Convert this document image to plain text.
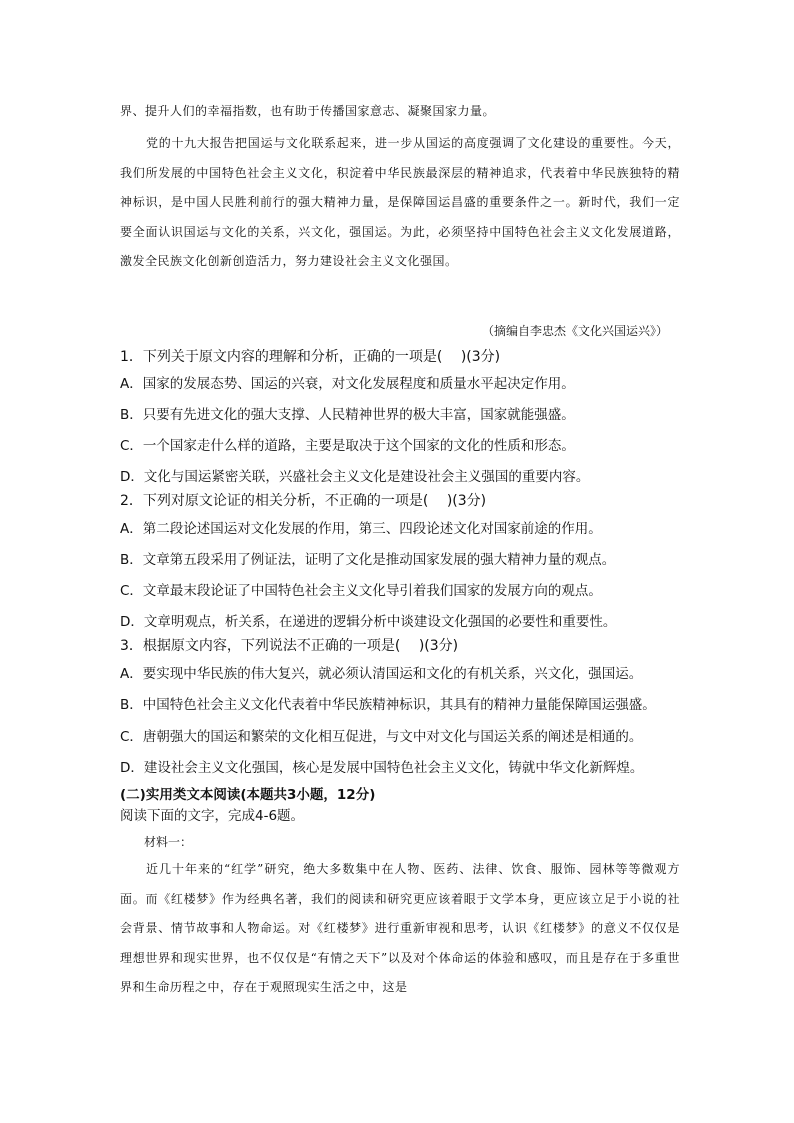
界、提升人们的幸福指数，也有助于传播国家意志、凝聚国家力量。

党的十九大报告把国运与文化联系起来，进一步从国运的高度强调了文化建设的重要性。今天，我们所发展的中国特色社会主义文化，积淀着中华民族最深层的精神追求，代表着中华民族独特的精神标识，是中国人民胜利前行的强大精神力量，是保障国运昌盛的重要条件之一。新时代，我们一定要全面认识国运与文化的关系，兴文化，强国运。为此，必须坚持中国特色社会主义文化发展道路，激发全民族文化创新创造活力，努力建设社会主义文化强国。

（摘编自李忠杰《文化兴国运兴》）
1．下列关于原文内容的理解和分析，正确的一项是(　 )(3分)
A．国家的发展态势、国运的兴衰，对文化发展程度和质量水平起决定作用。
B．只要有先进文化的强大支撑、人民精神世界的极大丰富，国家就能强盛。
C．一个国家走什么样的道路，主要是取决于这个国家的文化的性质和形态。
D．文化与国运紧密关联，兴盛社会主义文化是建设社会主义强国的重要内容。
2．下列对原文论证的相关分析，不正确的一项是(　 )(3分)
A．第二段论述国运对文化发展的作用，第三、四段论述文化对国家前途的作用。
B．文章第五段采用了例证法，证明了文化是推动国家发展的强大精神力量的观点。
C．文章最末段论证了中国特色社会主义文化导引着我们国家的发展方向的观点。
D．文章明观点，析关系，在递进的逻辑分析中谈建设文化强国的必要性和重要性。
3．根据原文内容，下列说法不正确的一项是(　 )(3分)
A．要实现中华民族的伟大复兴，就必须认清国运和文化的有机关系，兴文化，强国运。
B．中国特色社会主义文化代表着中华民族精神标识，其具有的精神力量能保障国运强盛。
C．唐朝强大的国运和繁荣的文化相互促进，与文中对文化与国运关系的阐述是相通的。
D．建设社会主义文化强国，核心是发展中国特色社会主义文化，铸就中华文化新辉煌。
(二)实用类文本阅读(本题共3小题，12分)
阅读下面的文字，完成4-6题。
材料一：

近几十年来的“红学”研究，绝大多数集中在人物、医药、法律、饮食、服饰、园林等等微观方面。而《红楼梦》作为经典名著，我们的阅读和研究更应该着眼于文学本身，更应该立足于小说的社会背景、情节故事和人物命运。对《红楼梦》进行重新审视和思考，认识《红楼梦》的意义不仅仅是理想世界和现实世界，也不仅仅是“有情之天下”以及对个体命运的体验和感叹，而且是存在于多重世界和生命历程之中，存在于观照现实生活之中，这是
